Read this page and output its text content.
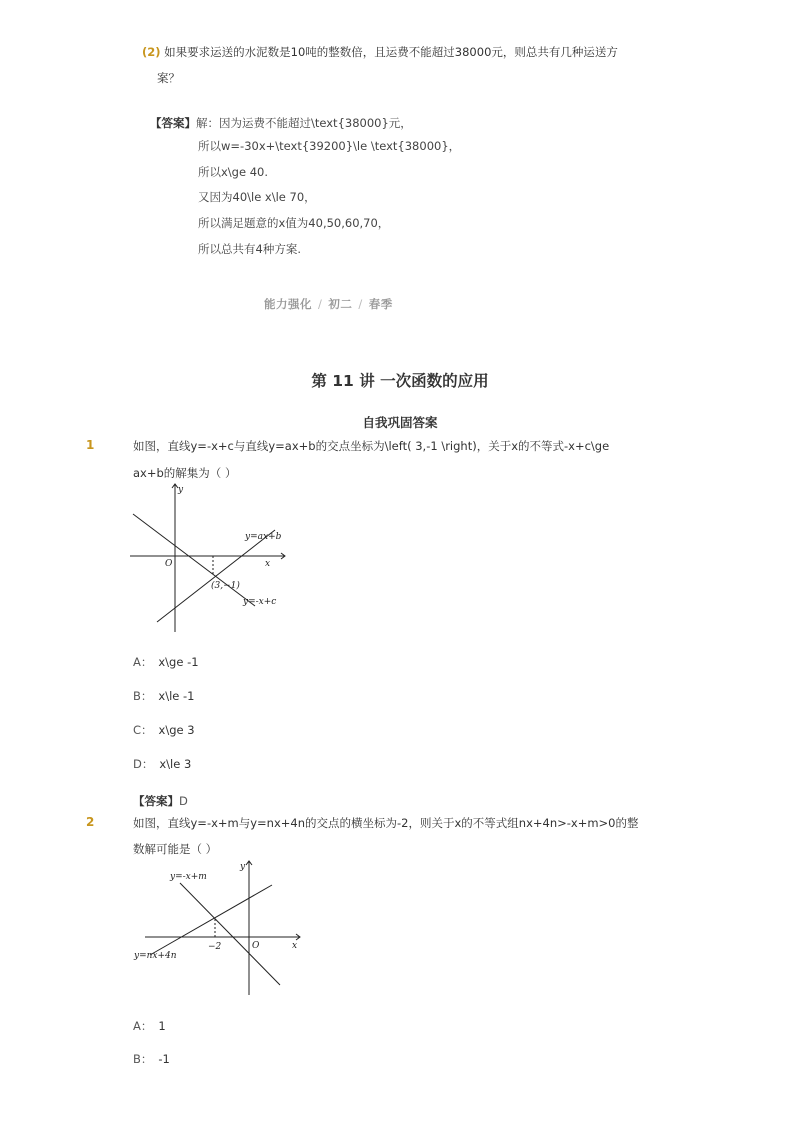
(2) 如果要求运送的水泥数是10吨的整数倍，且运费不能超过38000元，则总共有几种运送方
案？
【答案】解：因为运费不能超过\text{38000}元，
所以w=-30x+\text{39200}\le \text{38000}，
所以x\ge 40.
又因为40\le x\le 70，
所以满足题意的x值为40,50,60,70，
所以总共有4种方案.
能力强化 / 初二 / 春季
第 11 讲 一次函数的应用
自我巩固答案
1	如图，直线y=-x+c与直线y=ax+b的交点坐标为\left( 3,-1 \right)，关于x的不等式-x+c\ge
ax+b的解集为（ ）
y
x
O
y=ax+b
y=-x+c
(3,−1)
A： x\ge -1
B： x\le -1
C： x\ge 3
D： x\le 3
【答案】D
2	如图，直线y=-x+m与y=nx+4n的交点的横坐标为-2，则关于x的不等式组nx+4n>-x+m>0的整
数解可能是（ ）
y
x
O
y=-x+m
y=nx+4n
−2
A： 1
B： -1
